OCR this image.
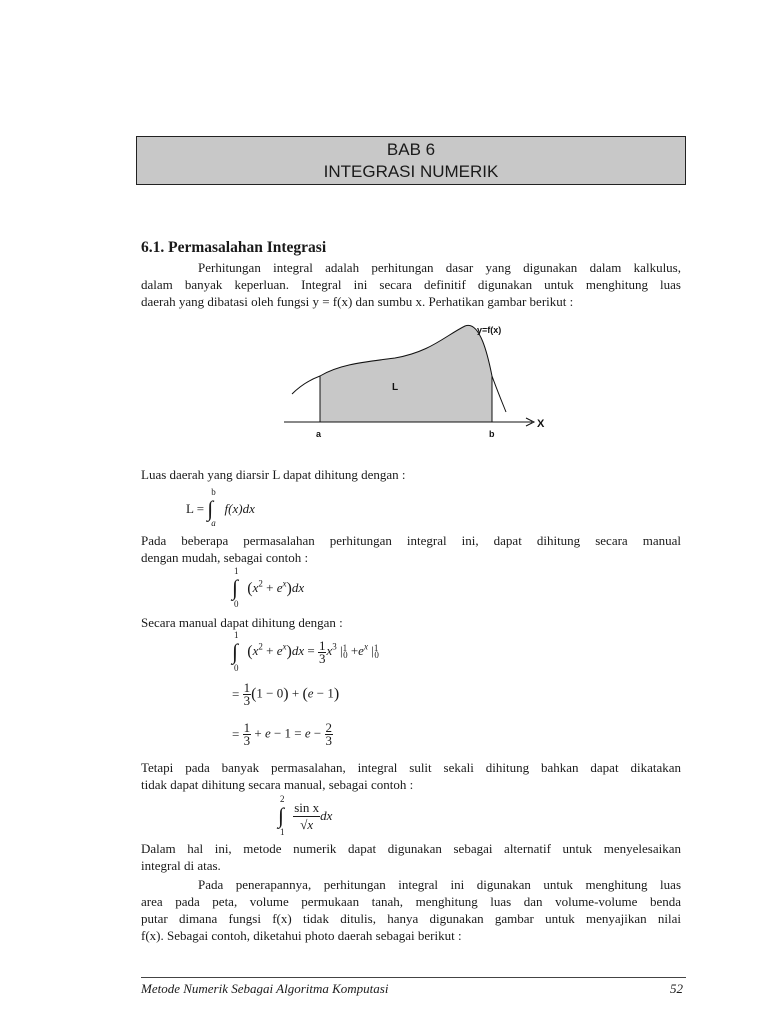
BAB 6
INTEGRASI NUMERIK
6.1. Permasalahan Integrasi
Perhitungan integral adalah perhitungan dasar yang digunakan dalam kalkulus,
dalam banyak keperluan. Integral ini secara definitif digunakan untuk menghitung luas
daerah yang dibatasi oleh fungsi y = f(x) dan sumbu x. Perhatikan gambar berikut :
y=f(x)
L
X
a	b
Luas daerah yang diarsir L dapat dihitung dengan :
L =
b
∫
a
f(x)dx
Pada beberapa permasalahan perhitungan integral ini, dapat dihitung secara manual
dengan mudah, sebagai contoh :
1
∫
0
$(x^2 + e^x)dx$
Secara manual dapat dihitung dengan :
1
∫
0
$(x^2 + e^x)dx = \frac{1}{3} x^3$ $|^1_0 +e^x$ $|^1_0$
= $\frac{1}{3} (1 - 0) + (e - 1)$
= $\frac{1}{3} + e - 1 = e - \frac{2}{3}$
Tetapi pada banyak permasalahan, integral sulit sekali dihitung bahkan dapat dikatakan
tidak dapat dihitung secara manual, sebagai contoh :
2
∫
1
$\frac{\text{sin x}}{√x}$ dx
Dalam hal ini, metode numerik dapat digunakan sebagai alternatif untuk menyelesaikan
integral di atas.
Pada penerapannya, perhitungan integral ini digunakan untuk menghitung luas
area pada peta, volume permukaan tanah, menghitung luas dan volume-volume benda
putar dimana fungsi f(x) tidak ditulis, hanya digunakan gambar untuk menyajikan nilai
f(x). Sebagai contoh, diketahui photo daerah sebagai berikut :
Metode Numerik Sebagai Algoritma Komputasi	52
